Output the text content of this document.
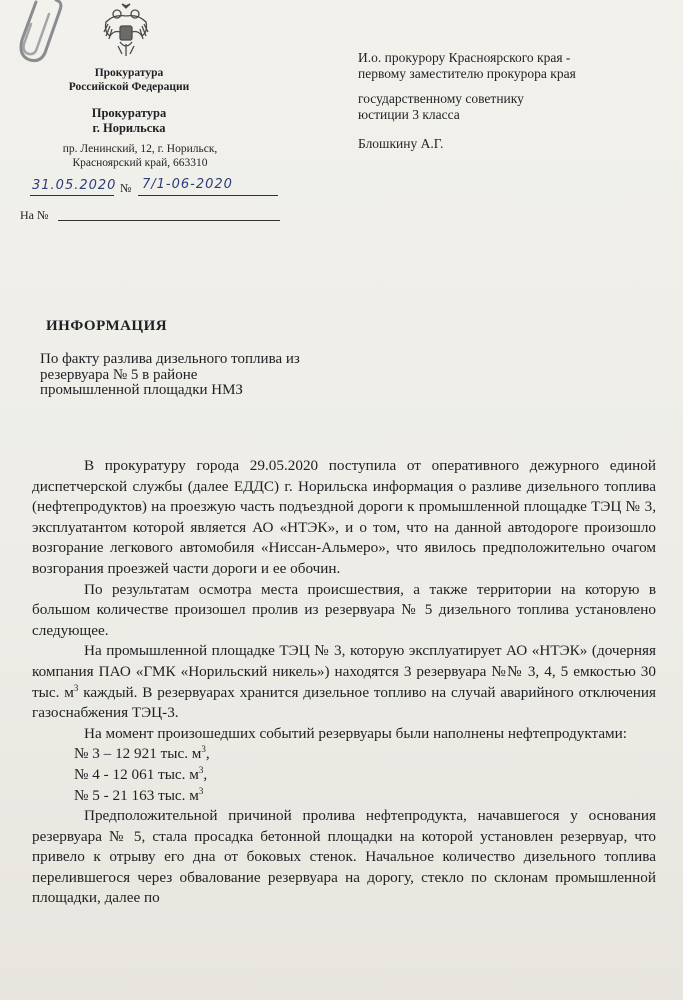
Прокуратура
Российской Федерации
Прокуратура
г. Норильска
пр. Ленинский, 12, г. Норильск,
Красноярский край, 663310
31.05.2020 № 7/1-06-2020
На №
И.о. прокурору Красноярского края -
первому заместителю прокурора края
государственному советнику
юстиции 3 класса
Блошкину А.Г.
ИНФОРМАЦИЯ
По факту разлива дизельного топлива из резервуара № 5 в районе промышленной площадки НМЗ

В прокуратуру города 29.05.2020 поступила от оперативного дежурного единой диспетчерской службы (далее ЕДДС) г. Норильска информация о разливе дизельного топлива (нефтепродуктов) на проезжую часть подъездной дороги к промышленной площадке ТЭЦ № 3, эксплуатантом которой является АО «НТЭК», и о том, что на данной автодороге произошло возгорание легкового автомобиля «Ниссан-Альмеро», что явилось предположительно очагом возгорания проезжей части дороги и ее обочин.

По результатам осмотра места происшествия, а также территории на которую в большом количестве произошел пролив из резервуара № 5 дизельного топлива установлено следующее.

На промышленной площадке ТЭЦ № 3, которую эксплуатирует АО «НТЭК» (дочерняя компания ПАО «ГМК «Норильский никель») находятся 3 резервуара №№ 3, 4, 5 емкостью 30 тыс. $м^3$ каждый. В резервуарах хранится дизельное топливо на случай аварийного отключения газоснабжения ТЭЦ-3.

На момент произошедших событий резервуары были наполнены нефтепродуктами:

№ 3 – 12 921 тыс. $м^3$,

№ 4 - 12 061 тыс. $м^3$,

№ 5 - 21 163 тыс. $м^3$

Предположительной причиной пролива нефтепродукта, начавшегося у основания резервуара № 5, стала просадка бетонной площадки на которой установлен резервуар, что привело к отрыву его дна от боковых стенок. Начальное количество дизельного топлива перелившегося через обвалование резервуара на дорогу, стекло по склонам промышленной площадки, далее по
